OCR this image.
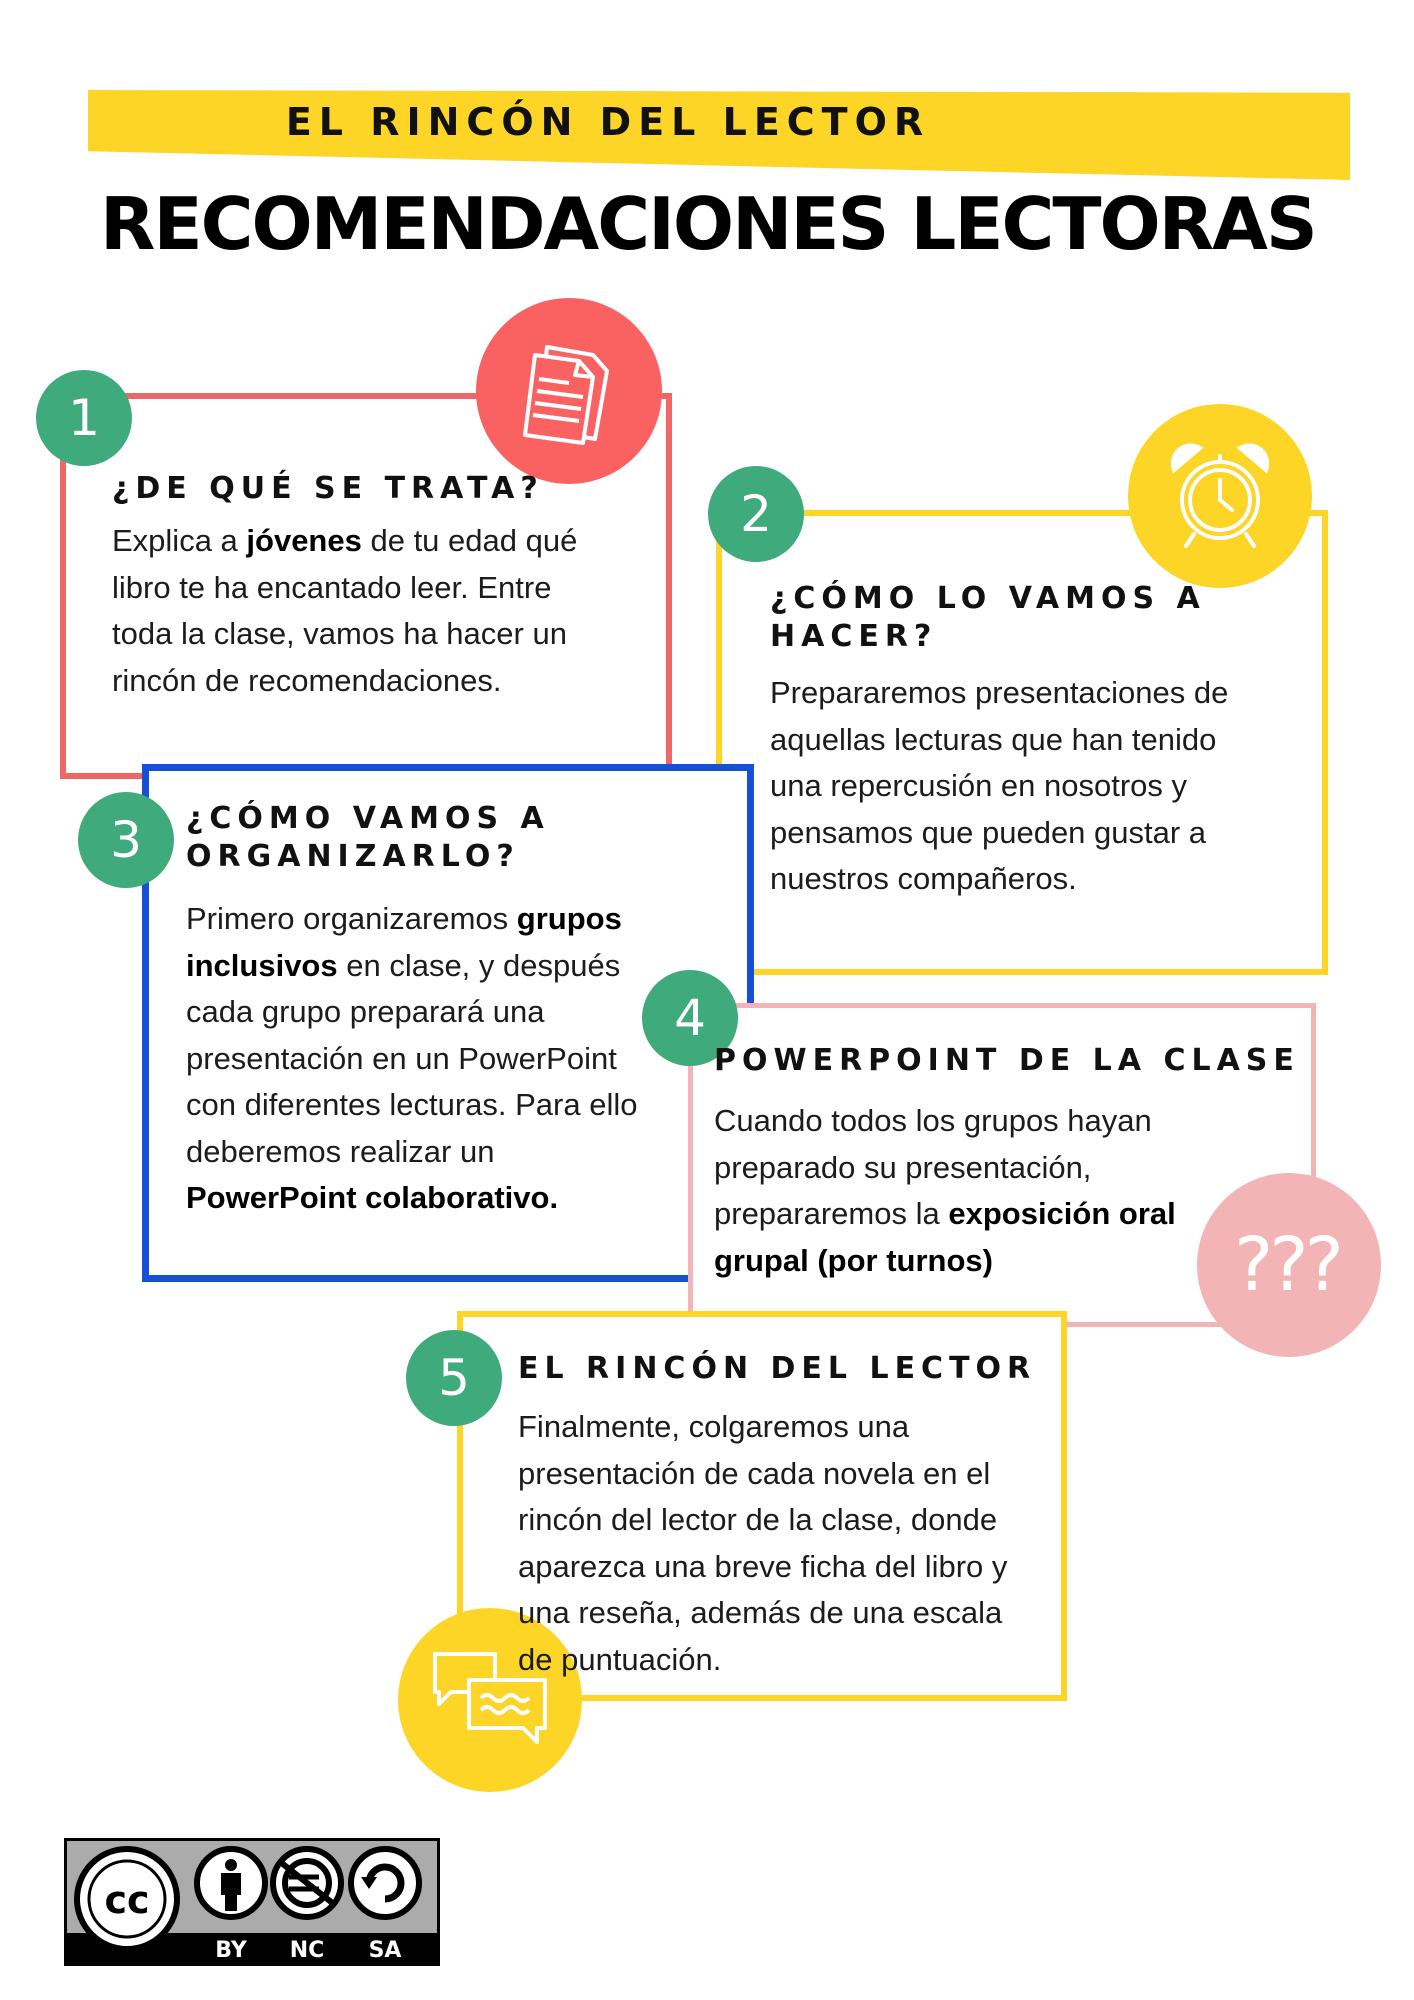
EL RINCÓN DEL LECTOR
RECOMENDACIONES LECTORAS
1
¿DE QUÉ SE TRATA?
Explica a jóvenes de tu edad qué
libro te ha encantado leer. Entre
toda la clase, vamos ha hacer un
rincón de recomendaciones.
2
¿CÓMO LO VAMOS A HACER?
Prepararemos presentaciones de
aquellas lecturas que han tenido
una repercusión en nosotros y
pensamos que pueden gustar a
nuestros compañeros.
3	¿CÓMO VAMOS A ORGANIZARLO?
Primero organizaremos grupos
inclusivos en clase, y después
cada grupo preparará una
presentación en un PowerPoint
con diferentes lecturas. Para ello
deberemos realizar un
PowerPoint colaborativo.
???
4
POWERPOINT DE LA CLASE
Cuando todos los grupos hayan
preparado su presentación,
prepararemos la exposición oral
grupal (por turnos)
5	EL RINCÓN DEL LECTOR
Finalmente, colgaremos una
presentación de cada novela en el
rincón del lector de la clase, donde
aparezca una breve ficha del libro y
una reseña, además de una escala
de puntuación.
cc
BY NC SA
